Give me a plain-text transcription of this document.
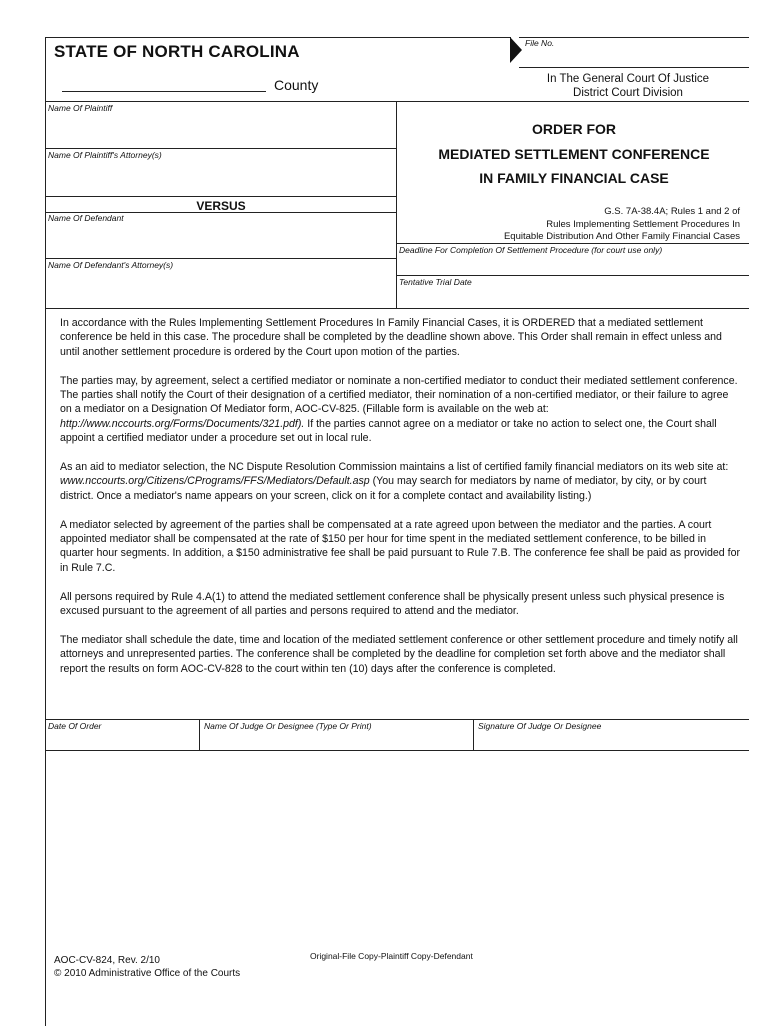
STATE OF NORTH CAROLINA
County
File No.
In The General Court Of Justice
District Court Division
Name Of Plaintiff
Name Of Plaintiff's Attorney(s)
VERSUS
Name Of Defendant
Name Of Defendant's Attorney(s)
ORDER FOR
MEDIATED SETTLEMENT CONFERENCE
IN FAMILY FINANCIAL CASE
G.S. 7A-38.4A; Rules 1 and 2 of
Rules Implementing Settlement Procedures In
Equitable Distribution And Other Family Financial Cases
Deadline For Completion Of Settlement Procedure (for court use only)
Tentative Trial Date

In accordance with the Rules Implementing Settlement Procedures In Family Financial Cases, it is ORDERED that a mediated settlement conference be held in this case. The procedure shall be completed by the deadline shown above. This Order shall remain in effect unless and until another settlement procedure is ordered by the Court upon motion of the parties.

The parties may, by agreement, select a certified mediator or nominate a non-certified mediator to conduct their mediated settlement conference. The parties shall notify the Court of their designation of a certified mediator, their nomination of a non-certified mediator, or their failure to agree on a mediator on a Designation Of Mediator form, AOC-CV-825. (Fillable form is available on the web at: http://www.nccourts.org/Forms/Documents/321.pdf). If the parties cannot agree on a mediator or take no action to select one, the Court shall appoint a certified mediator under a procedure set out in local rule.

As an aid to mediator selection, the NC Dispute Resolution Commission maintains a list of certified family financial mediators on its web site at: www.nccourts.org/Citizens/CPrograms/FFS/Mediators/Default.asp (You may search for mediators by name of mediator, by city, or by court district. Once a mediator's name appears on your screen, click on it for a complete contact and availability listing.)

A mediator selected by agreement of the parties shall be compensated at a rate agreed upon between the mediator and the parties. A court appointed mediator shall be compensated at the rate of $150 per hour for time spent in the mediated settlement conference, to be billed in quarter hour segments. In addition, a $150 administrative fee shall be paid pursuant to Rule 7.B. The conference fee shall be paid as provided for in Rule 7.C.

All persons required by Rule 4.A(1) to attend the mediated settlement conference shall be physically present unless such physical presence is excused pursuant to the agreement of all parties and persons required to attend and the mediator.

The mediator shall schedule the date, time and location of the mediated settlement conference or other settlement procedure and timely notify all attorneys and unrepresented parties. The conference shall be completed by the deadline for completion set forth above and the mediator shall report the results on form AOC-CV-828 to the court within ten (10) days after the conference is completed.

Date Of Order	Name Of Judge Or Designee (Type Or Print)	Signature Of Judge Or Designee
AOC-CV-824, Rev. 2/10
© 2010 Administrative Office of the Courts
Original-File Copy-Plaintiff Copy-Defendant
